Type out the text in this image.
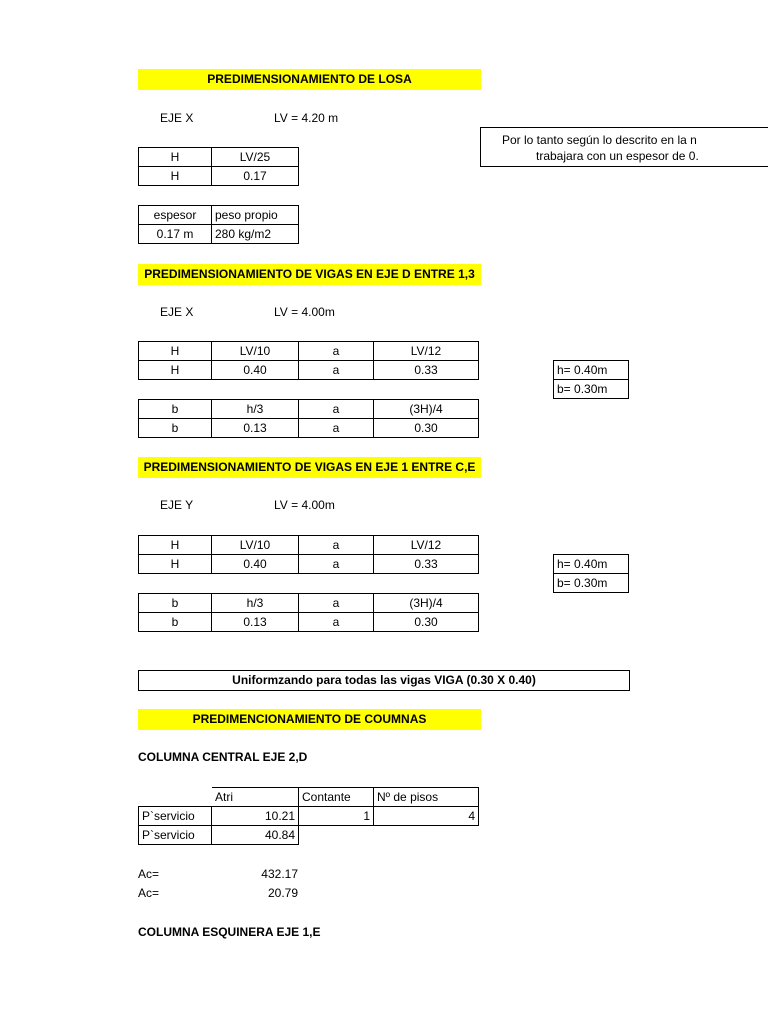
PREDIMENSIONAMIENTO DE LOSA
EJE X	LV = 4.20 m
H	LV/25
H	0.17
espesor	peso propio
0.17 m	280 kg/m2
Por lo tanto según lo descrito en la n
trabajara con un espesor de 0.
PREDIMENSIONAMIENTO DE VIGAS EN EJE D ENTRE 1,3
EJE X	LV = 4.00m
H	LV/10	a	LV/12
H	0.40	a	0.33
b	h/3	a	(3H)/4
b	0.13	a	0.30
h= 0.40m
b= 0.30m
PREDIMENSIONAMIENTO DE VIGAS EN EJE 1 ENTRE C,E
EJE Y	LV = 4.00m
H	LV/10	a	LV/12
H	0.40	a	0.33
b	h/3	a	(3H)/4
b	0.13	a	0.30
h= 0.40m
b= 0.30m
Uniformzando para todas las vigas VIGA (0.30 X 0.40)
PREDIMENCIONAMIENTO DE COUMNAS
COLUMNA CENTRAL EJE 2,D
	Atri	Contante	Nº de pisos
P`servicio	10.21	1	4
P`servicio	40.84		
Ac=	432.17
Ac=	20.79
COLUMNA ESQUINERA EJE 1,E
